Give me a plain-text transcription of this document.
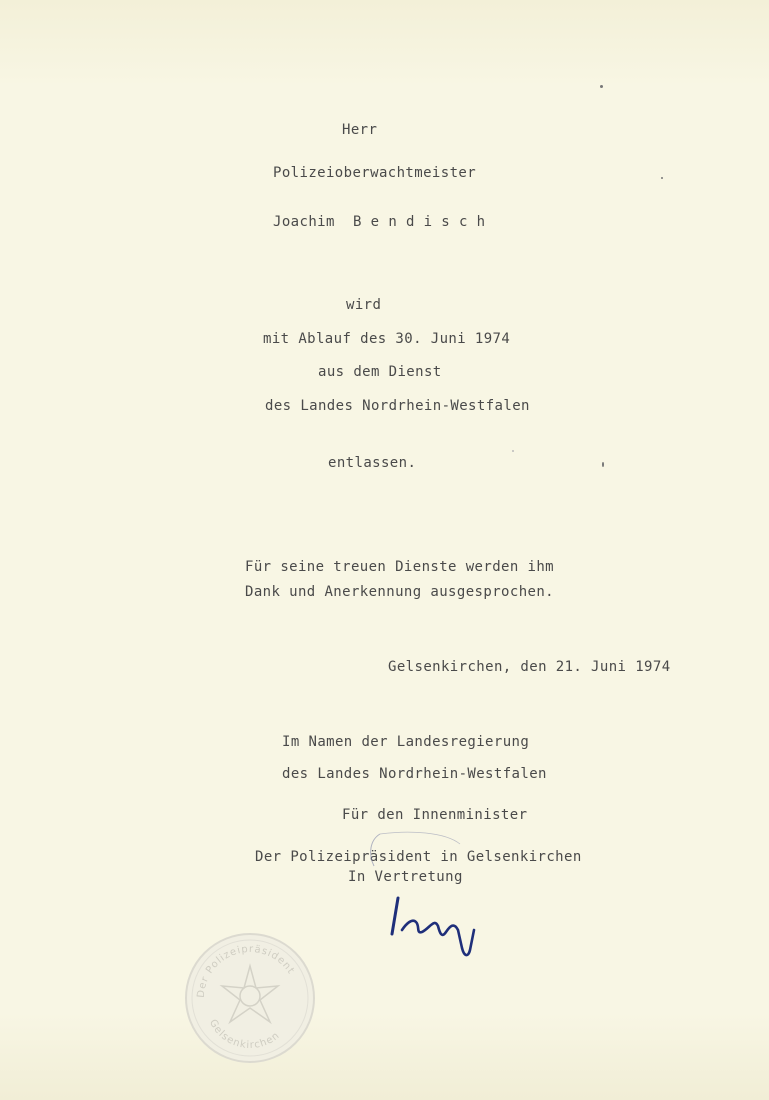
Herr
Polizeioberwachtmeister
Joachim B e n d i s c h
wird
mit Ablauf des 30. Juni 1974
aus dem Dienst
des Landes Nordrhein-Westfalen
entlassen.
Für seine treuen Dienste werden ihm
Dank und Anerkennung ausgesprochen.
Gelsenkirchen, den 21. Juni 1974
Im Namen der Landesregierung
des Landes Nordrhein-Westfalen
Für den Innenminister
Der Polizeipräsident in Gelsenkirchen
In Vertretung
Der Polizeipräsident
Gelsenkirchen
